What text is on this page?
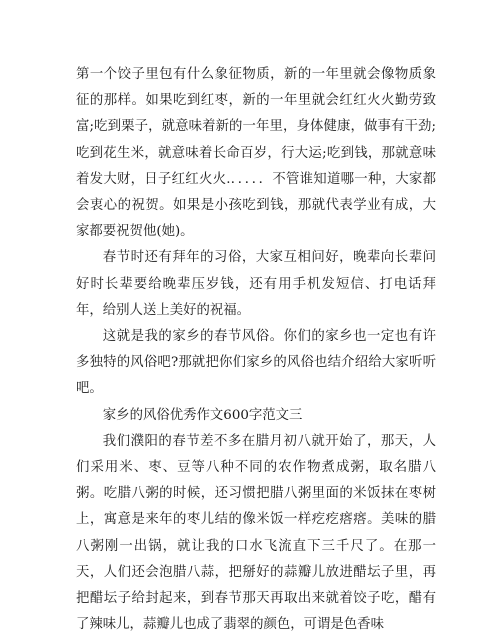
第一个饺子里包有什么象征物质，新的一年里就会像物质象征的那样。如果吃到红枣，新的一年里就会红红火火勤劳致富;吃到栗子，就意味着新的一年里，身体健康，做事有干劲;吃到花生米，就意味着长命百岁，行大运;吃到钱，那就意味着发大财，日子红红火火.．．．．．不管谁知道哪一种，大家都会衷心的祝贺。如果是小孩吃到钱，那就代表学业有成，大家都要祝贺他(她)。

春节时还有拜年的习俗，大家互相问好，晚辈向长辈问好时长辈要给晚辈压岁钱，还有用手机发短信、打电话拜年，给别人送上美好的祝福。

这就是我的家乡的春节风俗。你们的家乡也一定也有许多独特的风俗吧?那就把你们家乡的风俗也结介绍给大家听听吧。

家乡的风俗优秀作文600字范文三

我们濮阳的春节差不多在腊月初八就开始了，那天，人们采用米、枣、豆等八种不同的农作物煮成粥，取名腊八粥。吃腊八粥的时候，还习惯把腊八粥里面的米饭抹在枣树上，寓意是来年的枣儿结的像米饭一样疙疙瘩瘩。美味的腊八粥刚一出锅，就让我的口水飞流直下三千尺了。在那一天，人们还会泡腊八蒜，把掰好的蒜瓣儿放进醋坛子里，再把醋坛子给封起来，到春节那天再取出来就着饺子吃，醋有了辣味儿，蒜瓣儿也成了翡翠的颜色，可谓是色香味
